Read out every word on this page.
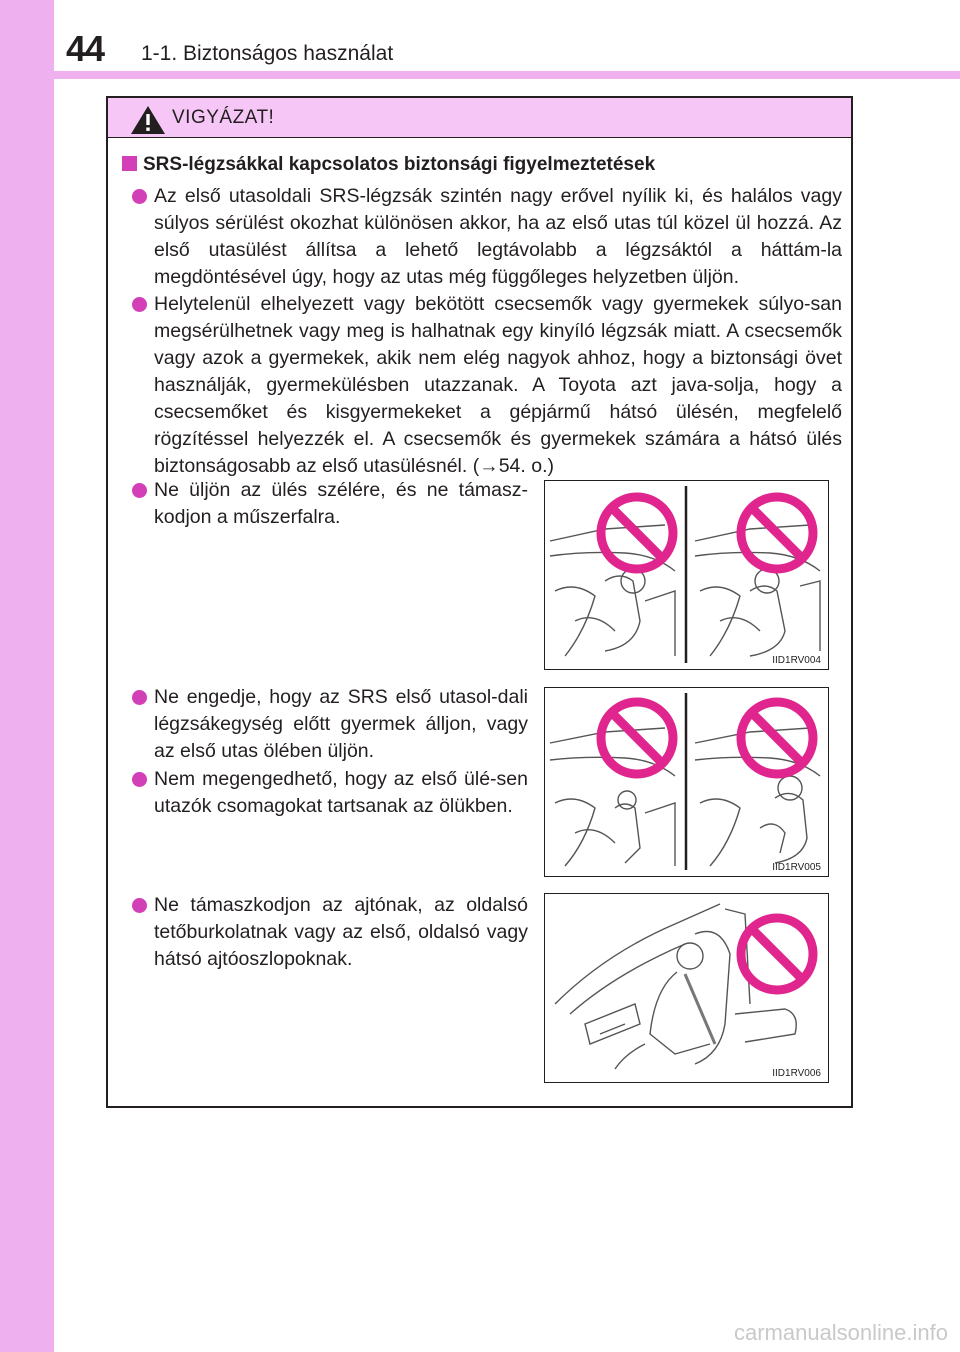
44 1-1. Biztonságos használat
VIGYÁZAT!
SRS-légzsákkal kapcsolatos biztonsági figyelmeztetések
Az első utasoldali SRS-légzsák szintén nagy erővel nyílik ki, és halálos vagy súlyos sérülést okozhat különösen akkor, ha az első utas túl közel ül hozzá. Az első utasülést állítsa a lehető legtávolabb a légzsáktól a háttám-la megdöntésével úgy, hogy az utas még függőleges helyzetben üljön.
Helytelenül elhelyezett vagy bekötött csecsemők vagy gyermekek súlyo-san megsérülhetnek vagy meg is halhatnak egy kinyíló légzsák miatt. A csecsemők vagy azok a gyermekek, akik nem elég nagyok ahhoz, hogy a biztonsági övet használják, gyermekülésben utazzanak. A Toyota azt java-solja, hogy a csecsemőket és kisgyermekeket a gépjármű hátsó ülésén, megfelelő rögzítéssel helyezzék el. A csecsemők és gyermekek számára a hátsó ülés biztonságosabb az első utasülésnél. (→54. o.)
Ne üljön az ülés szélére, és ne támasz-kodjon a műszerfalra.
Ne engedje, hogy az SRS első utasol-dali légzsákegység előtt gyermek álljon, vagy az első utas ölében üljön.
Nem megengedhető, hogy az első ülé-sen utazók csomagokat tartsanak az ölükben.
Ne támaszkodjon az ajtónak, az oldalsó tetőburkolatnak vagy az első, oldalsó vagy hátsó ajtóoszlopoknak.
IID1RV004
IID1RV005
IID1RV006
carmanualsonline.info
